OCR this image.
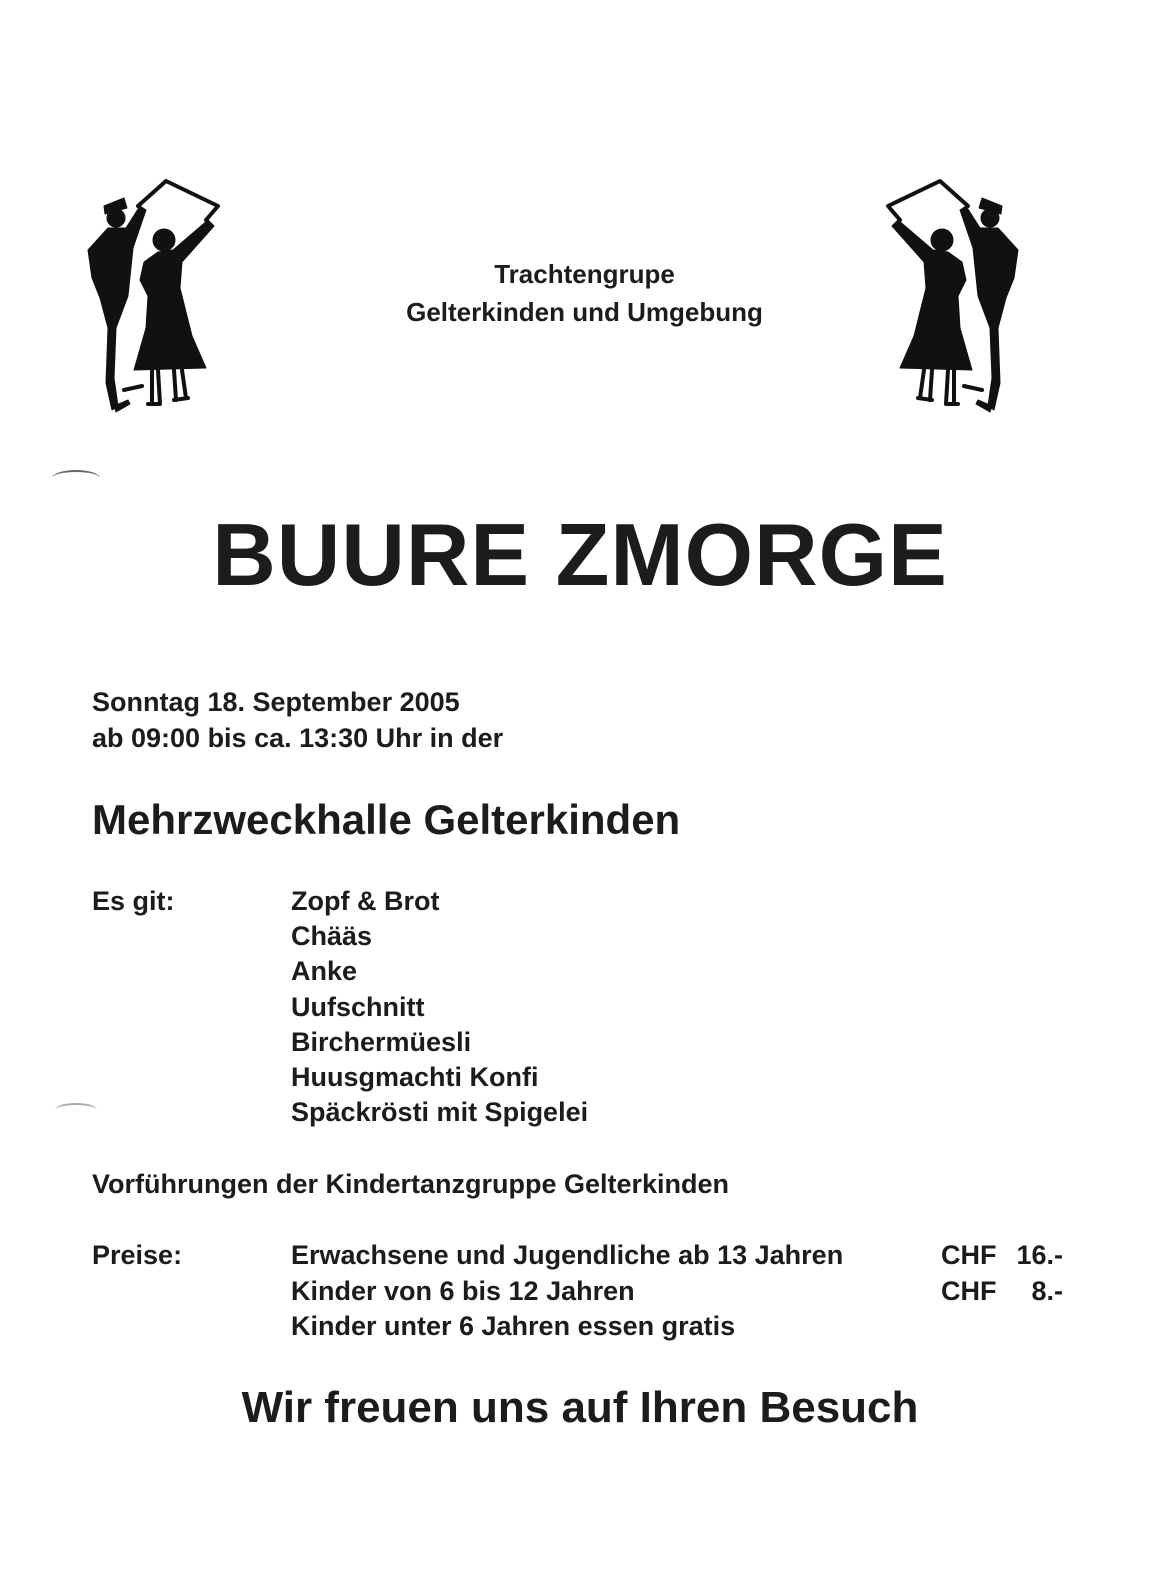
Trachtengrupe
Gelterkinden und Umgebung
BUURE ZMORGE
Sonntag 18. September 2005
ab 09:00 bis ca. 13:30 Uhr in der
Mehrzweckhalle Gelterkinden
Es git:	Zopf & Brot
Chääs
Anke
Uufschnitt
Birchermüesli
Huusgmachti Konfi
Späckrösti mit Spigelei
Vorführungen der Kindertanzgruppe Gelterkinden
Preise:	Erwachsene und Jugendliche ab 13 Jahren	CHF 16.-
Kinder von 6 bis 12 Jahren	CHF	8.-
Kinder unter 6 Jahren essen gratis
Wir freuen uns auf Ihren Besuch
